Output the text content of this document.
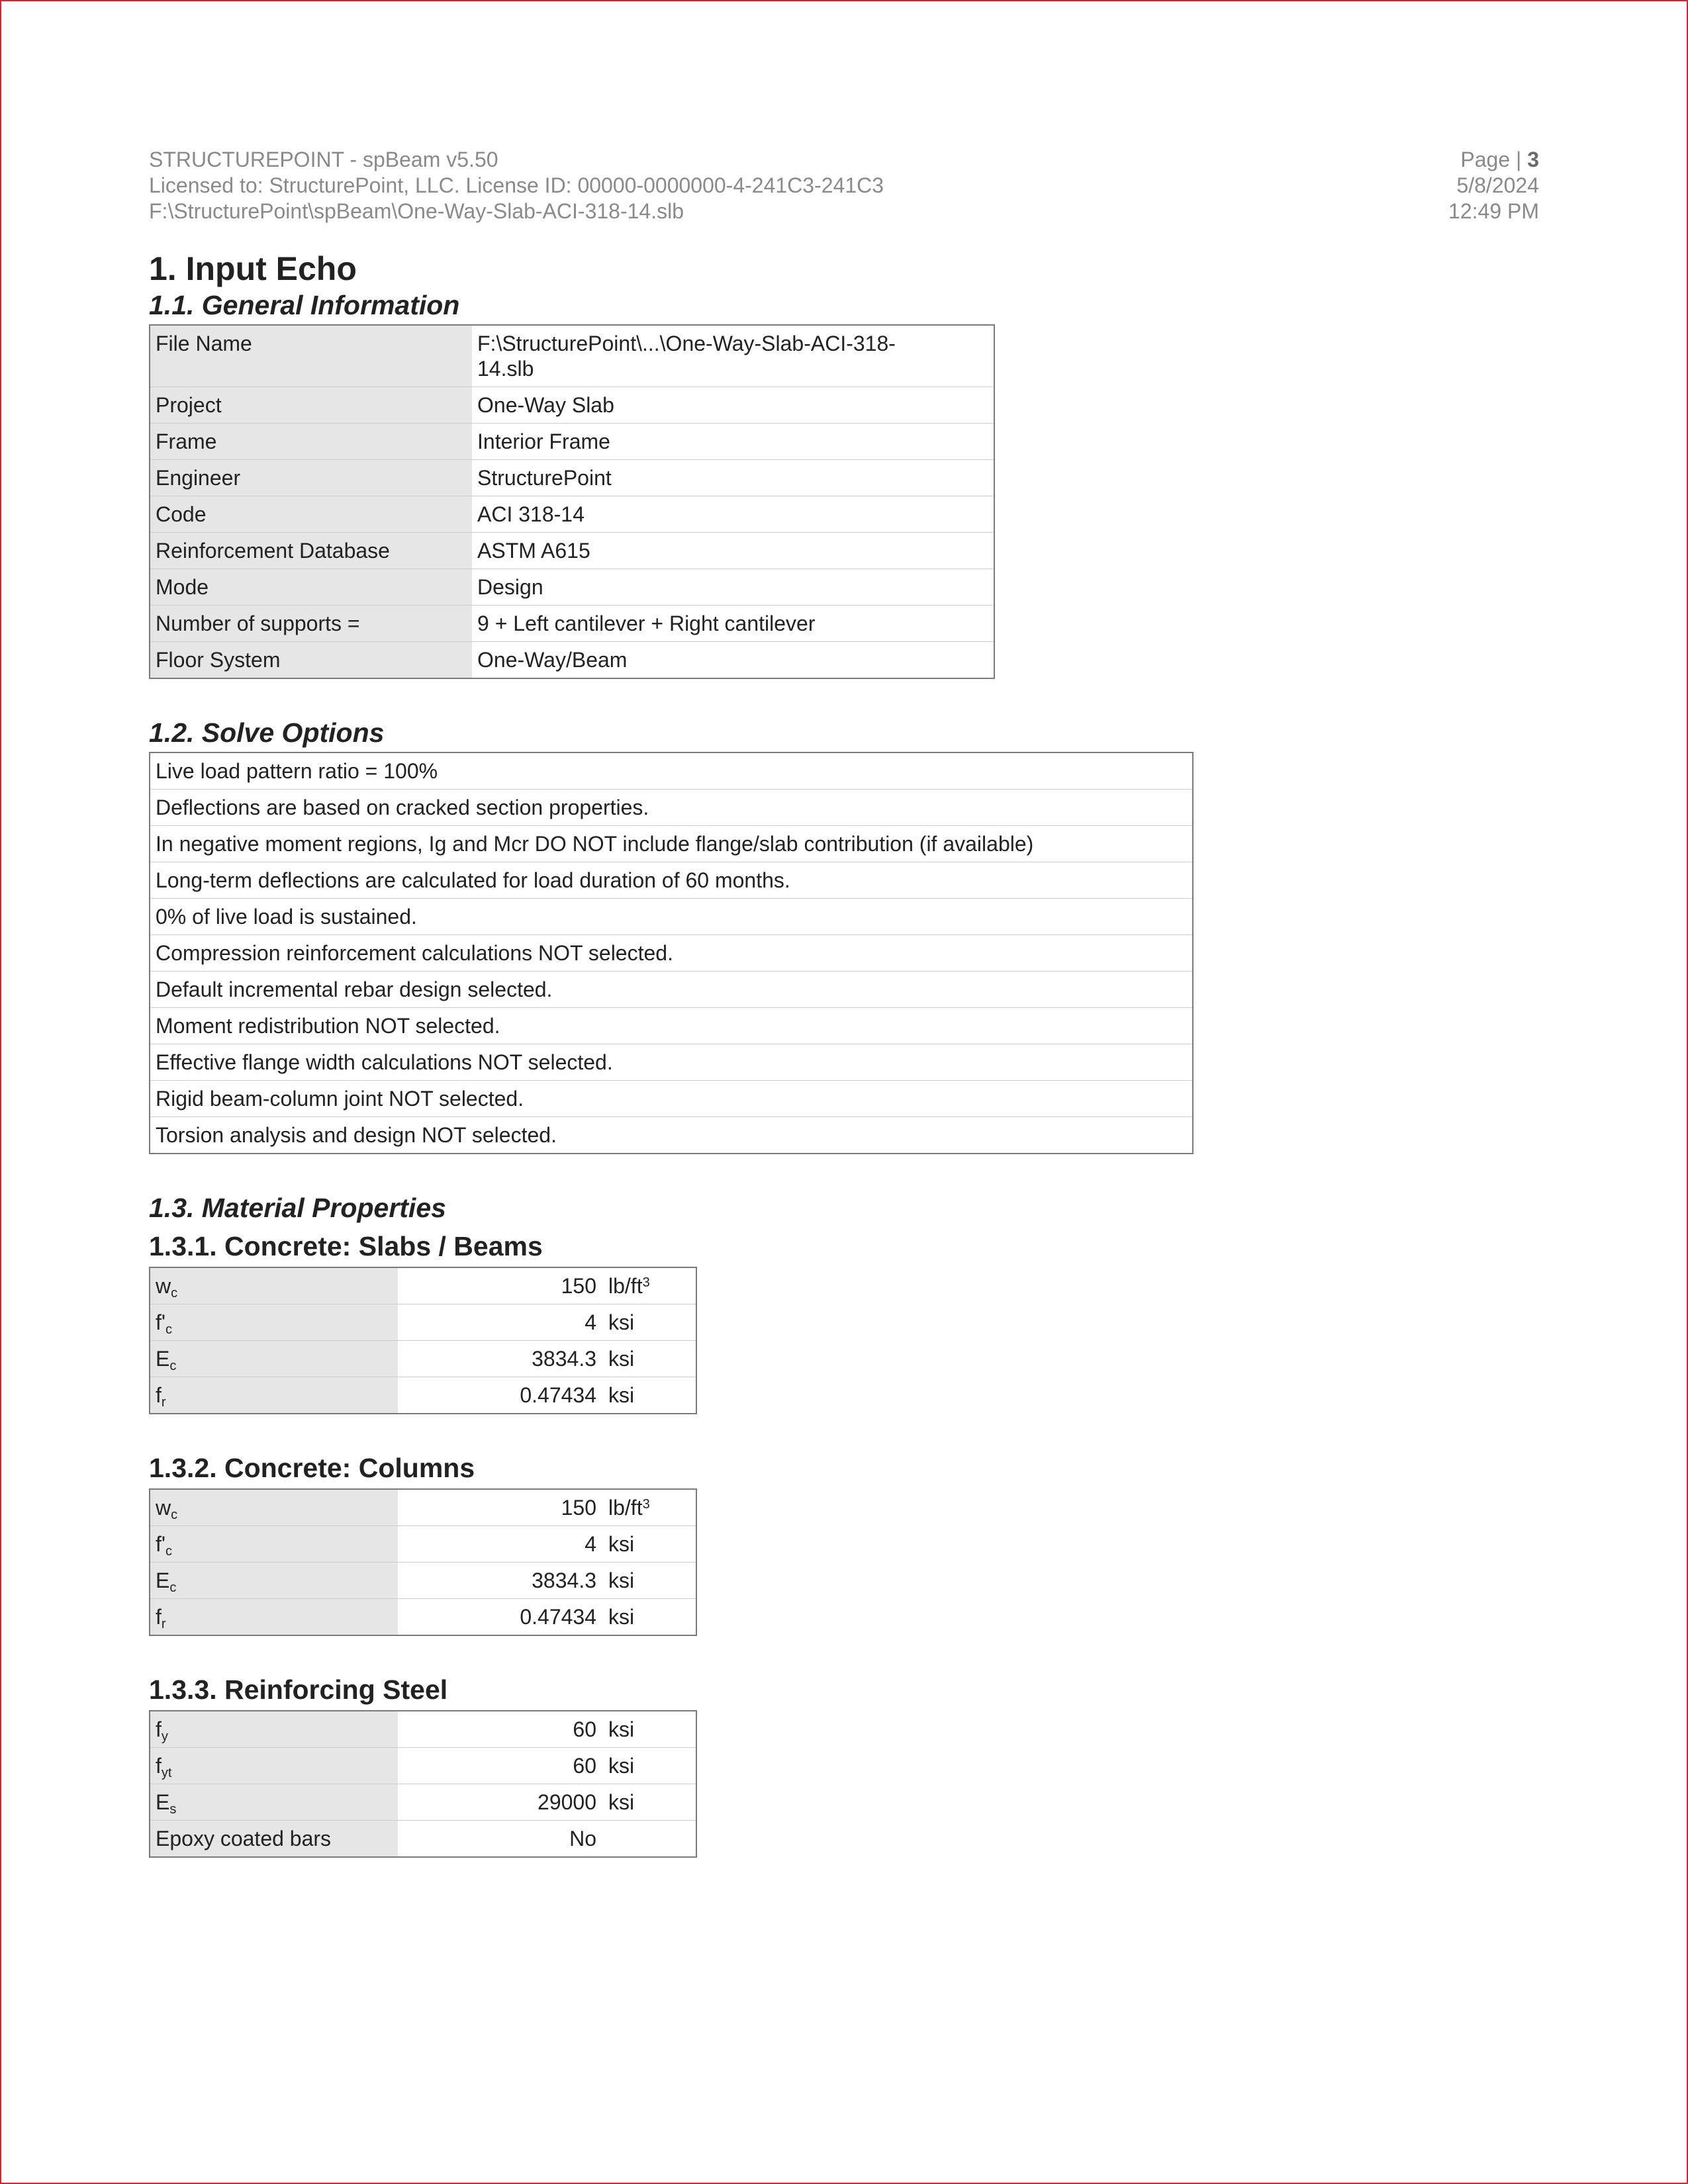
STRUCTUREPOINT - spBeam v5.50
Licensed to: StructurePoint, LLC. License ID: 00000-0000000-4-241C3-241C3
F:\StructurePoint\spBeam\One-Way-Slab-ACI-318-14.slb
Page | 3
5/8/2024
12:49 PM
1. Input Echo
1.1. General Information
File Name	F:\StructurePoint\...\One-Way-Slab-ACI-318-14.slb
Project	One-Way Slab
Frame	Interior Frame
Engineer	StructurePoint
Code	ACI 318-14
Reinforcement Database	ASTM A615
Mode	Design
Number of supports =	9 + Left cantilever + Right cantilever
Floor System	One-Way/Beam
1.2. Solve Options
Live load pattern ratio = 100%
Deflections are based on cracked section properties.
In negative moment regions, Ig and Mcr DO NOT include flange/slab contribution (if available)
Long-term deflections are calculated for load duration of 60 months.
0% of live load is sustained.
Compression reinforcement calculations NOT selected.
Default incremental rebar design selected.
Moment redistribution NOT selected.
Effective flange width calculations NOT selected.
Rigid beam-column joint NOT selected.
Torsion analysis and design NOT selected.
1.3. Material Properties
1.3.1. Concrete: Slabs / Beams
$w_c$	150	$lb/ft^3$
$f'_c$	4	ksi
$E_c$	3834.3	ksi
$f_r$	0.47434	ksi
1.3.2. Concrete: Columns
$w_c$	150	$lb/ft^3$
$f'_c$	4	ksi
$E_c$	3834.3	ksi
$f_r$	0.47434	ksi
1.3.3. Reinforcing Steel
$f_y$	60	ksi
$f_{yt}$	60	ksi
$E_s$	29000	ksi
Epoxy coated bars	No	
